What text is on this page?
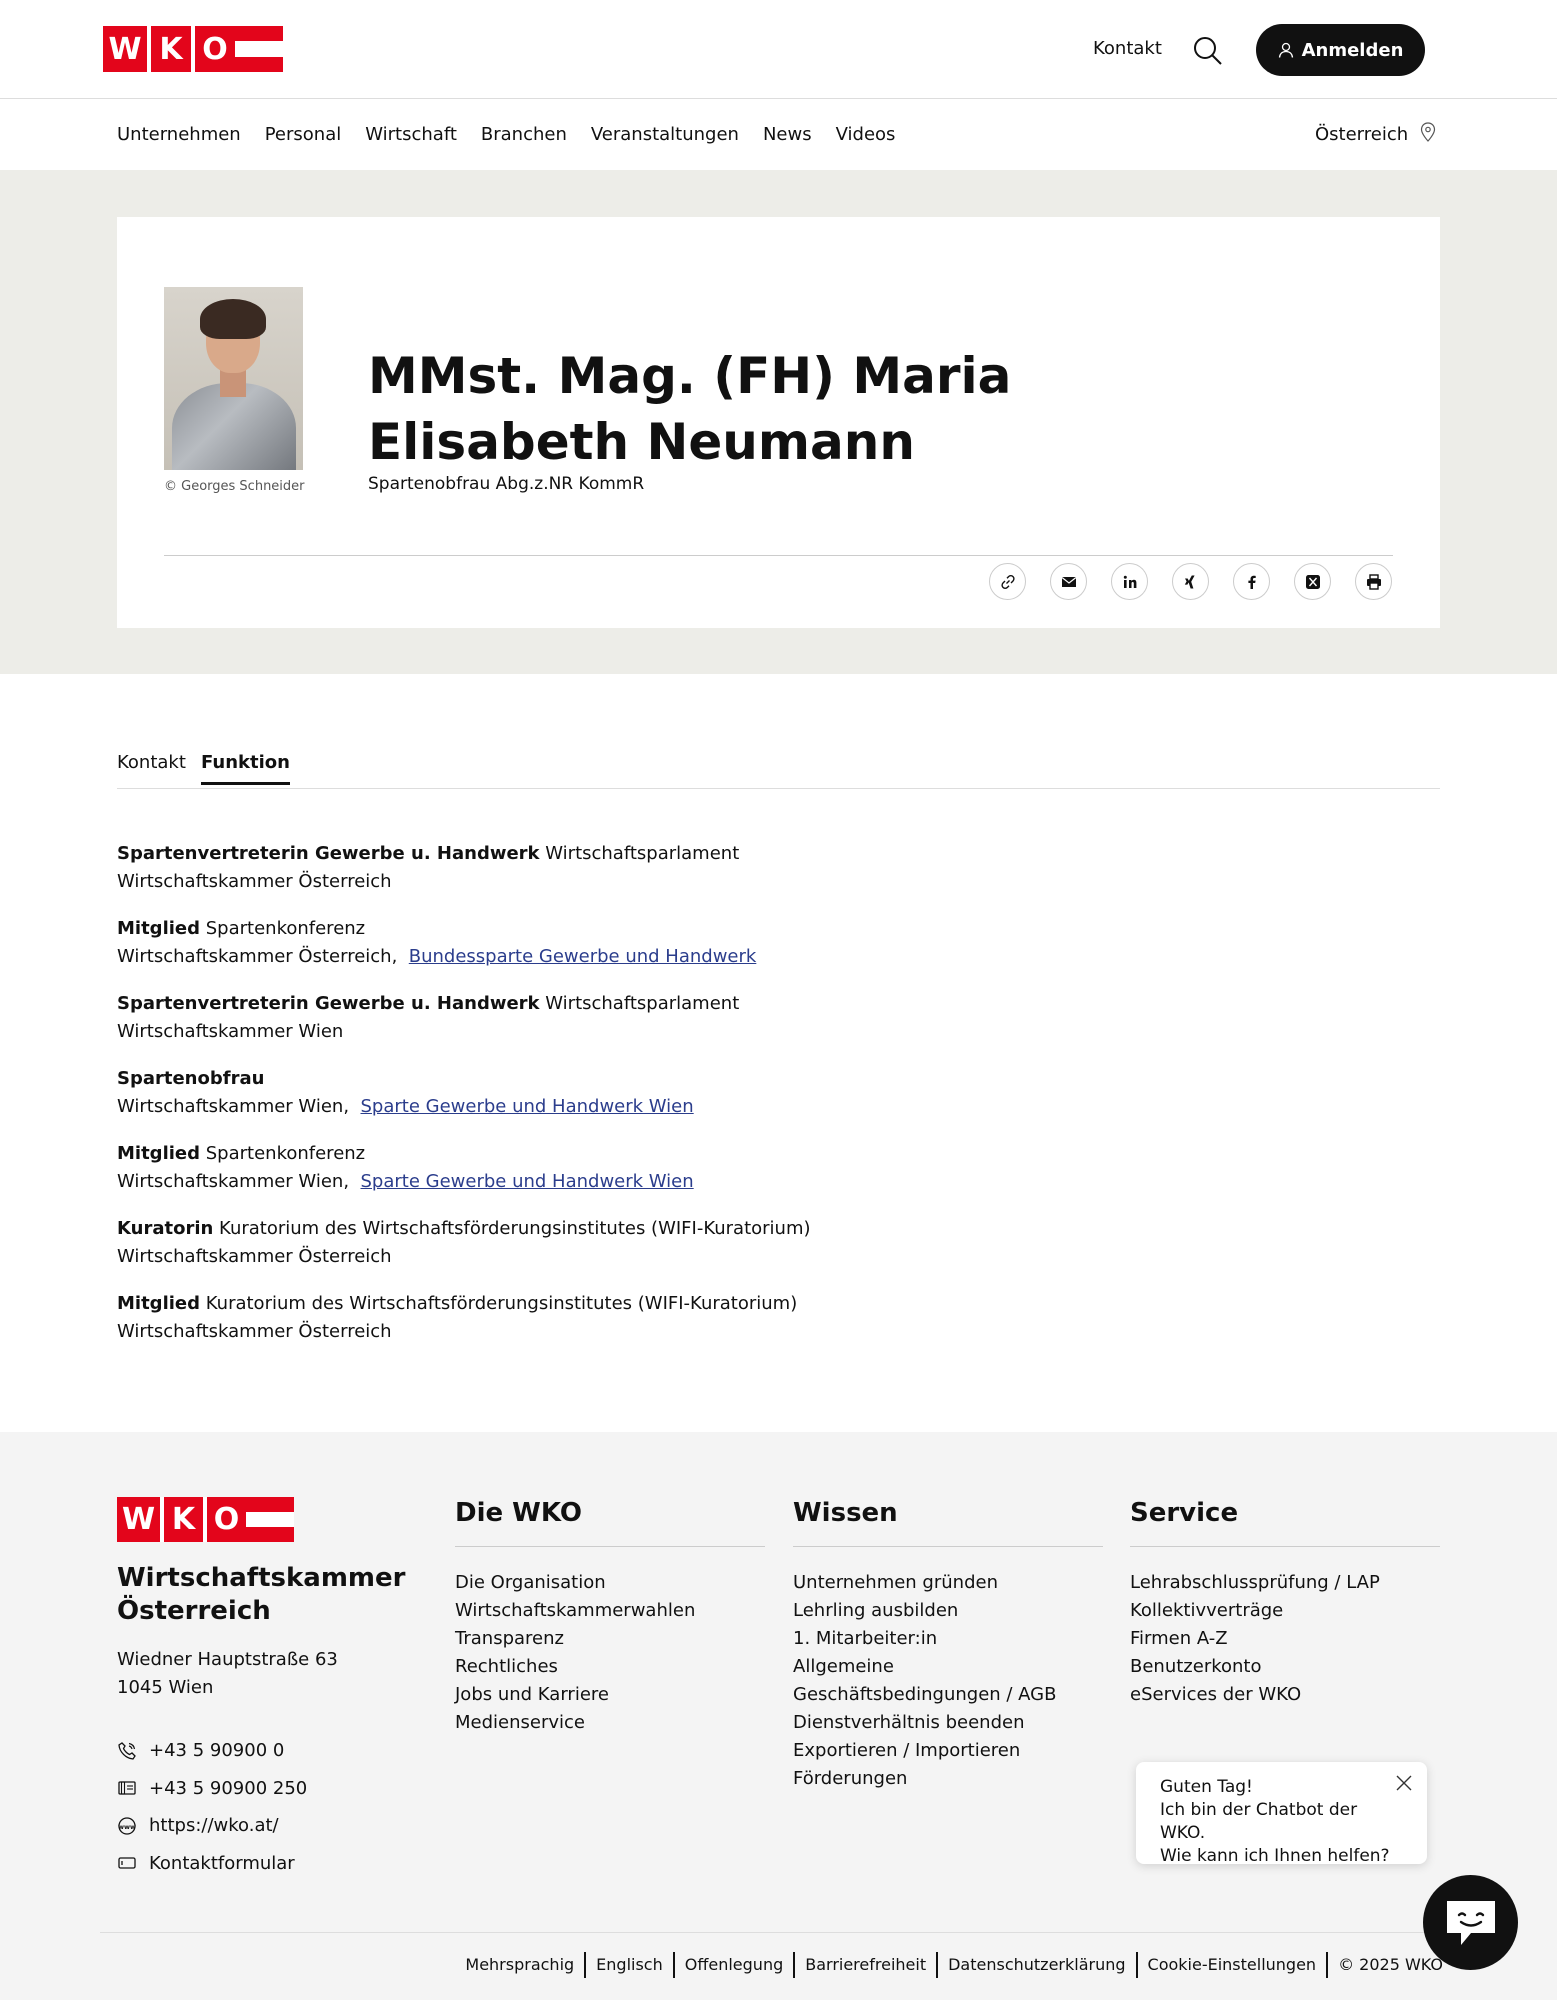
W K O	Kontakt	Anmelden
Unternehmen Personal Wirtschaft Branchen Veranstaltungen News Videos	Österreich
© Georges Schneider
MMst. Mag. (FH) Maria Elisabeth Neumann
Spartenobfrau Abg.z.NR KommR
Kontakt Funktion
Spartenvertreterin Gewerbe u. Handwerk Wirtschaftsparlament
Wirtschaftskammer Österreich
Mitglied Spartenkonferenz
Wirtschaftskammer Österreich, Bundessparte Gewerbe und Handwerk
Spartenvertreterin Gewerbe u. Handwerk Wirtschaftsparlament
Wirtschaftskammer Wien
Spartenobfrau
Wirtschaftskammer Wien, Sparte Gewerbe und Handwerk Wien
Mitglied Spartenkonferenz
Wirtschaftskammer Wien, Sparte Gewerbe und Handwerk Wien
Kuratorin Kuratorium des Wirtschaftsförderungsinstitutes (WIFI-Kuratorium)
Wirtschaftskammer Österreich
Mitglied Kuratorium des Wirtschaftsförderungsinstitutes (WIFI-Kuratorium)
Wirtschaftskammer Österreich
W K O
Wirtschaftskammer
Österreich
Wiedner Hauptstraße 63
1045 Wien
+43 5 90900 0
+43 5 90900 250
www https://wko.at/
Kontaktformular
Die WKO
Die Organisation
Wirtschaftskammerwahlen
Transparenz
Rechtliches
Jobs und Karriere
Medienservice
Wissen
Unternehmen gründen
Lehrling ausbilden
1. Mitarbeiter:in
Allgemeine Geschäftsbedingungen / AGB
Dienstverhältnis beenden
Exportieren / Importieren
Förderungen
Service
Lehrabschlussprüfung / LAP
Kollektivverträge
Firmen A-Z
Benutzerkonto
eServices der WKO
Mehrsprachig	Englisch	Offenlegung	Barrierefreiheit	Datenschutzerklärung	Cookie-Einstellungen	© 2025 WKO
Guten Tag!
Ich bin der Chatbot der WKO.
Wie kann ich Ihnen helfen?
